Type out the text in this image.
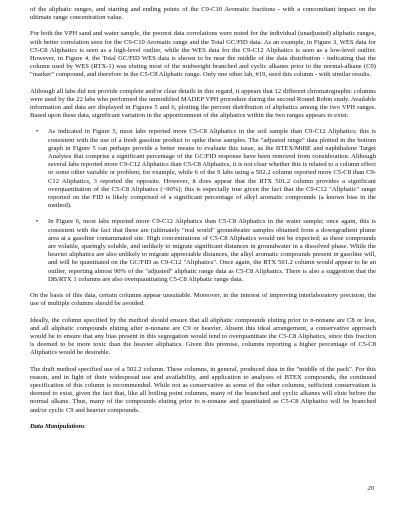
of the aliphatic ranges, and starting and ending points of the C9-C10 Aromatic fractions - with a concomitant impact on the ultimate range concentration value.

For both the VPH sand and water sample, the poorest data correlations were noted for the individual (unadjusted) aliphatic ranges, with better correlation seen for the C9-C10 Aromatic range and the Total GC/FID data. As an example, in Figure 3, WES data for C5-C8 Aliphatics is seen as a high-level outlier, while the WES data for the C9-C12 Aliphatics is seen as a low-level outlier. However, in Figure 4, the Total GC/FID WES data is shown to be near the middle of the data distribution - indicating that the column used by WES (RTX-1) was eluting most of the midweight branched and cyclic alkanes prior to the normal-alkane (C9) "marker" compound, and therefore in the C5-C8 Aliphatic range. Only one other lab, #19, used this column - with similar results.

Although all labs did not provide complete and/or clear details in this regard, it appears that 12 different chromatographic columns were used by the 22 labs who performed the unmodified MADEP VPH procedure during the second Round Robin study. Available information and data are displayed in Figures 5 and 6, plotting the percent distribution of aliphatics among the two VPH ranges. Based upon these data, significant variation in the apportionment of the aliphatics within the two ranges appears to exist:

• As indicated in Figure 5, most labs reported more C5-C8 Aliphatics in the soil sample than C9-C12 Aliphatics; this is consistent with the use of a fresh gasoline product to spike these samples. The "adjusted range" data plotted in the bottom graph in Figure 5 can perhaps provide a better means to evaluate this issue, as the BTEX/MtBE and naphthalene Target Analytes that comprise a significant percentage of the GC/FID response have been removed from consideration. Although several labs reported more C9-C12 Aliphatics than C5-C8 Aliphatics, it is not clear whether this is related to a column effect or some other variable or problem; for example, while 6 of the 9 labs using a 502.2 column reported more C5-C8 than C9-C12 Aliphatics, 3 reported the opposite. However, it does appear that the RTX 501.2 column provides a significant overquantitation of the C5-C8 Aliphatics (~90%); this is especially true given the fact that the C9-C12 "Aliphatic" range reported on the FID is likely comprised of a significant percentage of alkyl aromatic compounds (a known bias in the method).
• In Figure 6, most labs reported more C9-C12 Aliphatics than C5-C8 Aliphatics in the water sample; once again, this is consistent with the fact that these are (ultimately "real world" groundwater samples obtained from a downgradient plume area at a gasoline contaminated site. High concentrations of C5-C8 Aliphatics would not be expected; as these compounds are volatile, sparingly soluble, and unlikely to migrate significant distances in groundwater in a dissolved phase. While the heavier aliphatics are also unlikely to migrate appreciable distances, the alkyl aromatic compounds present in gasoline will, and will be quantitated on the GC/FID as C9-C12 "Aliphatics". Once again, the RTX 501.2 column would appear to be an outlier, reporting almost 90% of the "adjusted" aliphatic range data as C5-C8 Aliphatics. There is also a suggestion that the DB/RTX 1 columns are also overquantitating C5-C8 Aliphatic range data.

On the basis of this data, certain columns appear unsuitable. Moreover, in the interest of improving interlaboratory precision, the use of multiple columns should be avoided.

Ideally, the column specified by the method should ensure that all aliphatic compounds eluting prior to n-nonane are C8 or less, and all aliphatic compounds eluting after n-nonane are C9 or heavier. Absent this ideal arrangement, a conservative approach would be to ensure that any bias present in this segregation would tend to overquantitate the C5-C8 Aliphatics, since this fraction is deemed to be more toxic than the heavier aliphatics. Given this premise, columns reporting a higher percentage of C5-C8 Aliphatics would be desirable.

The draft method specified use of a 502.2 column. These columns, in general, produced data in the "middle of the pack". For this reason, and in light of their widespread use and availability, and application to analyses of BTEX compounds, the continued specification of this column is recommended. While not as conservative as some of the other columns, sufficient conservatism is deemed to exist, given the fact that, like all boiling point columns, many of the branched and cyclic alkanes will elute before the normal alkane. Thus, many of the compounds eluting prior to n-nonane and quantitated as C5-C8 Aliphatics will be branched and/or cyclic C9 and heavier compounds.

Data Manipulations

20
